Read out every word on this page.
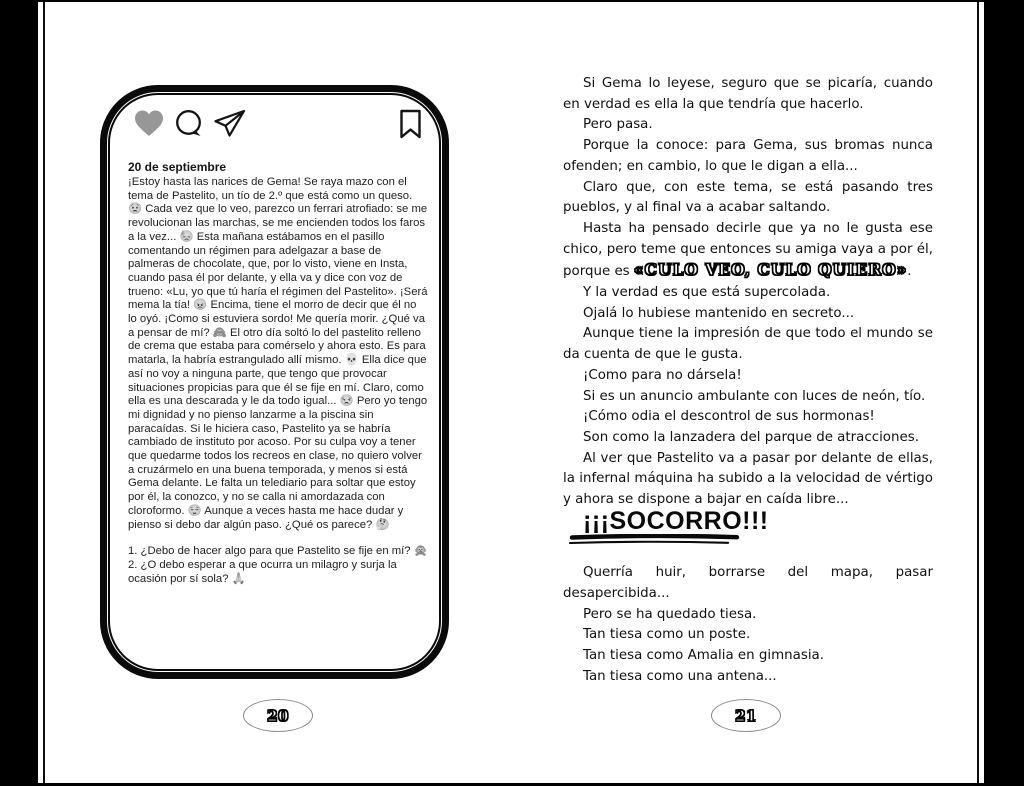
20 de septiembre
¡Estoy hasta las narices de Gema! Se raya mazo con el tema de Pastelito, un tío de 2.º que está como un queso. 😟 Cada vez que lo veo, parezco un ferrari atrofiado: se me revolucionan las marchas, se me encienden todos los faros a la vez... 😓 Esta mañana estábamos en el pasillo comentando un régimen para adelgazar a base de palmeras de chocolate, que, por lo visto, viene en Insta, cuando pasa él por delante, y ella va y dice con voz de trueno: «Lu, yo que tú haría el régimen del Pastelito». ¡Será mema la tía! 😠 Encima, tiene el morro de decir que él no lo oyó. ¡Como si estuviera sordo! Me quería morir. ¿Qué va a pensar de mí? 🙈 El otro día soltó lo del pastelito relleno de crema que estaba para comérselo y ahora esto. Es para matarla, la habría estrangulado allí mismo. 💀 Ella dice que así no voy a ninguna parte, que tengo que provocar situaciones propicias para que él se fije en mí. Claro, como ella es una descarada y le da todo igual... 😒 Pero yo tengo mi dignidad y no pienso lanzarme a la piscina sin paracaídas. Si le hiciera caso, Pastelito ya se habría cambiado de instituto por acoso. Por su culpa voy a tener que quedarme todos los recreos en clase, no quiero volver a cruzármelo en una buena temporada, y menos si está Gema delante. Le falta un telediario para soltar que estoy por él, la conozco, y no se calla ni amordazada con cloroformo. 😌 Aunque a veces hasta me hace dudar y pienso si debo dar algún paso. ¿Qué os parece? 🤔

1. ¿Debo de hacer algo para que Pastelito se fije en mí? 🙊

2. ¿O debo esperar a que ocurra un milagro y surja la ocasión por sí sola? 🙏

Si Gema lo leyese, seguro que se picaría, cuando en verdad es ella la que tendría que hacerlo.

Pero pasa.

Porque la conoce: para Gema, sus bromas nunca ofenden; en cambio, lo que le digan a ella...

Claro que, con este tema, se está pasando tres pueblos, y al final va a acabar saltando.

Hasta ha pensado decirle que ya no le gusta ese chico, pero teme que entonces su amiga vaya a por él, porque es «CULO VEO, CULO QUIERO».

Y la verdad es que está supercolada.

Ojalá lo hubiese mantenido en secreto...

Aunque tiene la impresión de que todo el mundo se da cuenta de que le gusta.

¡Como para no dársela!

Si es un anuncio ambulante con luces de neón, tío.

¡Cómo odia el descontrol de sus hormonas!

Son como la lanzadera del parque de atracciones.

Al ver que Pastelito va a pasar por delante de ellas, la infernal máquina ha subido a la velocidad de vértigo y ahora se dispone a bajar en caída libre...

¡¡¡SOCORRO!!!

Querría huir, borrarse del mapa, pasar desapercibida...

Pero se ha quedado tiesa.

Tan tiesa como un poste.

Tan tiesa como Amalia en gimnasia.

Tan tiesa como una antena...

20	21
